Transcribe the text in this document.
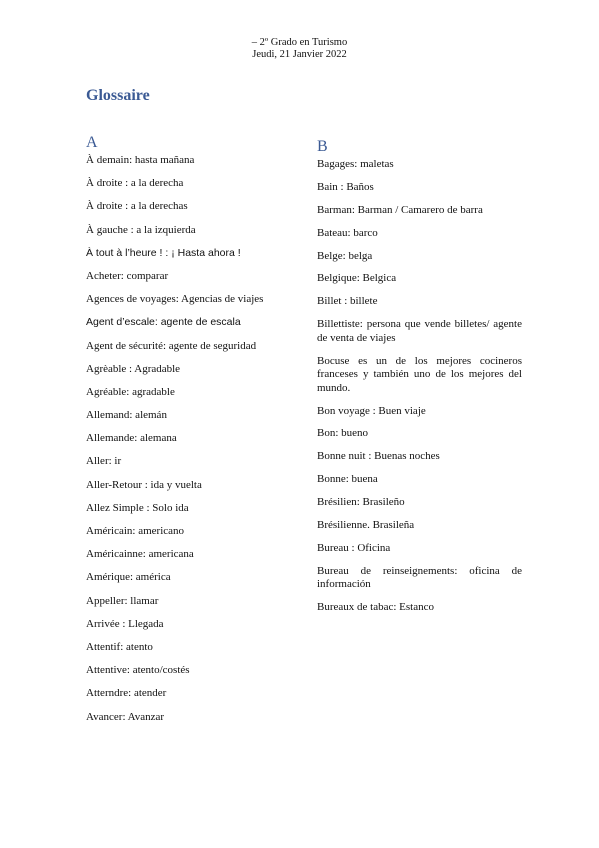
– 2º Grado en Turismo
Jeudi, 21 Janvier 2022
Glossaire
A
À demain: hasta mañana
À droite : a la derecha
À droite : a la derechas
À gauche : a la izquierda
À tout à l’heure ! : ¡ Hasta ahora !
Acheter: comparar
Agences de voyages: Agencias de viajes
Agent d’escale: agente de escala
Agent de sécurité: agente de seguridad
Agrèable : Agradable
Agréable: agradable
Allemand: alemán
Allemande: alemana
Aller: ir
Aller-Retour : ida y vuelta
Allez Simple : Solo ida
Américain: americano
Américainne: americana
Amérique: américa
Appeller: llamar
Arrivée : Llegada
Attentif: atento
Attentive: atento/costés
Atterndre: atender
Avancer: Avanzar
B
Bagages: maletas
Bain : Baños
Barman: Barman / Camarero de barra
Bateau: barco
Belge: belga
Belgique: Belgica
Billet : billete
Billettiste: persona que vende billetes/ agente de venta de viajes
Bocuse es un de los mejores cocineros franceses y también uno de los mejores del mundo.
Bon voyage : Buen viaje
Bon: bueno
Bonne nuit : Buenas noches
Bonne: buena
Brésilien: Brasileño
Brésilienne. Brasileña
Bureau : Oficina
Bureau de reinseignements: oficina de información
Bureaux de tabac: Estanco
